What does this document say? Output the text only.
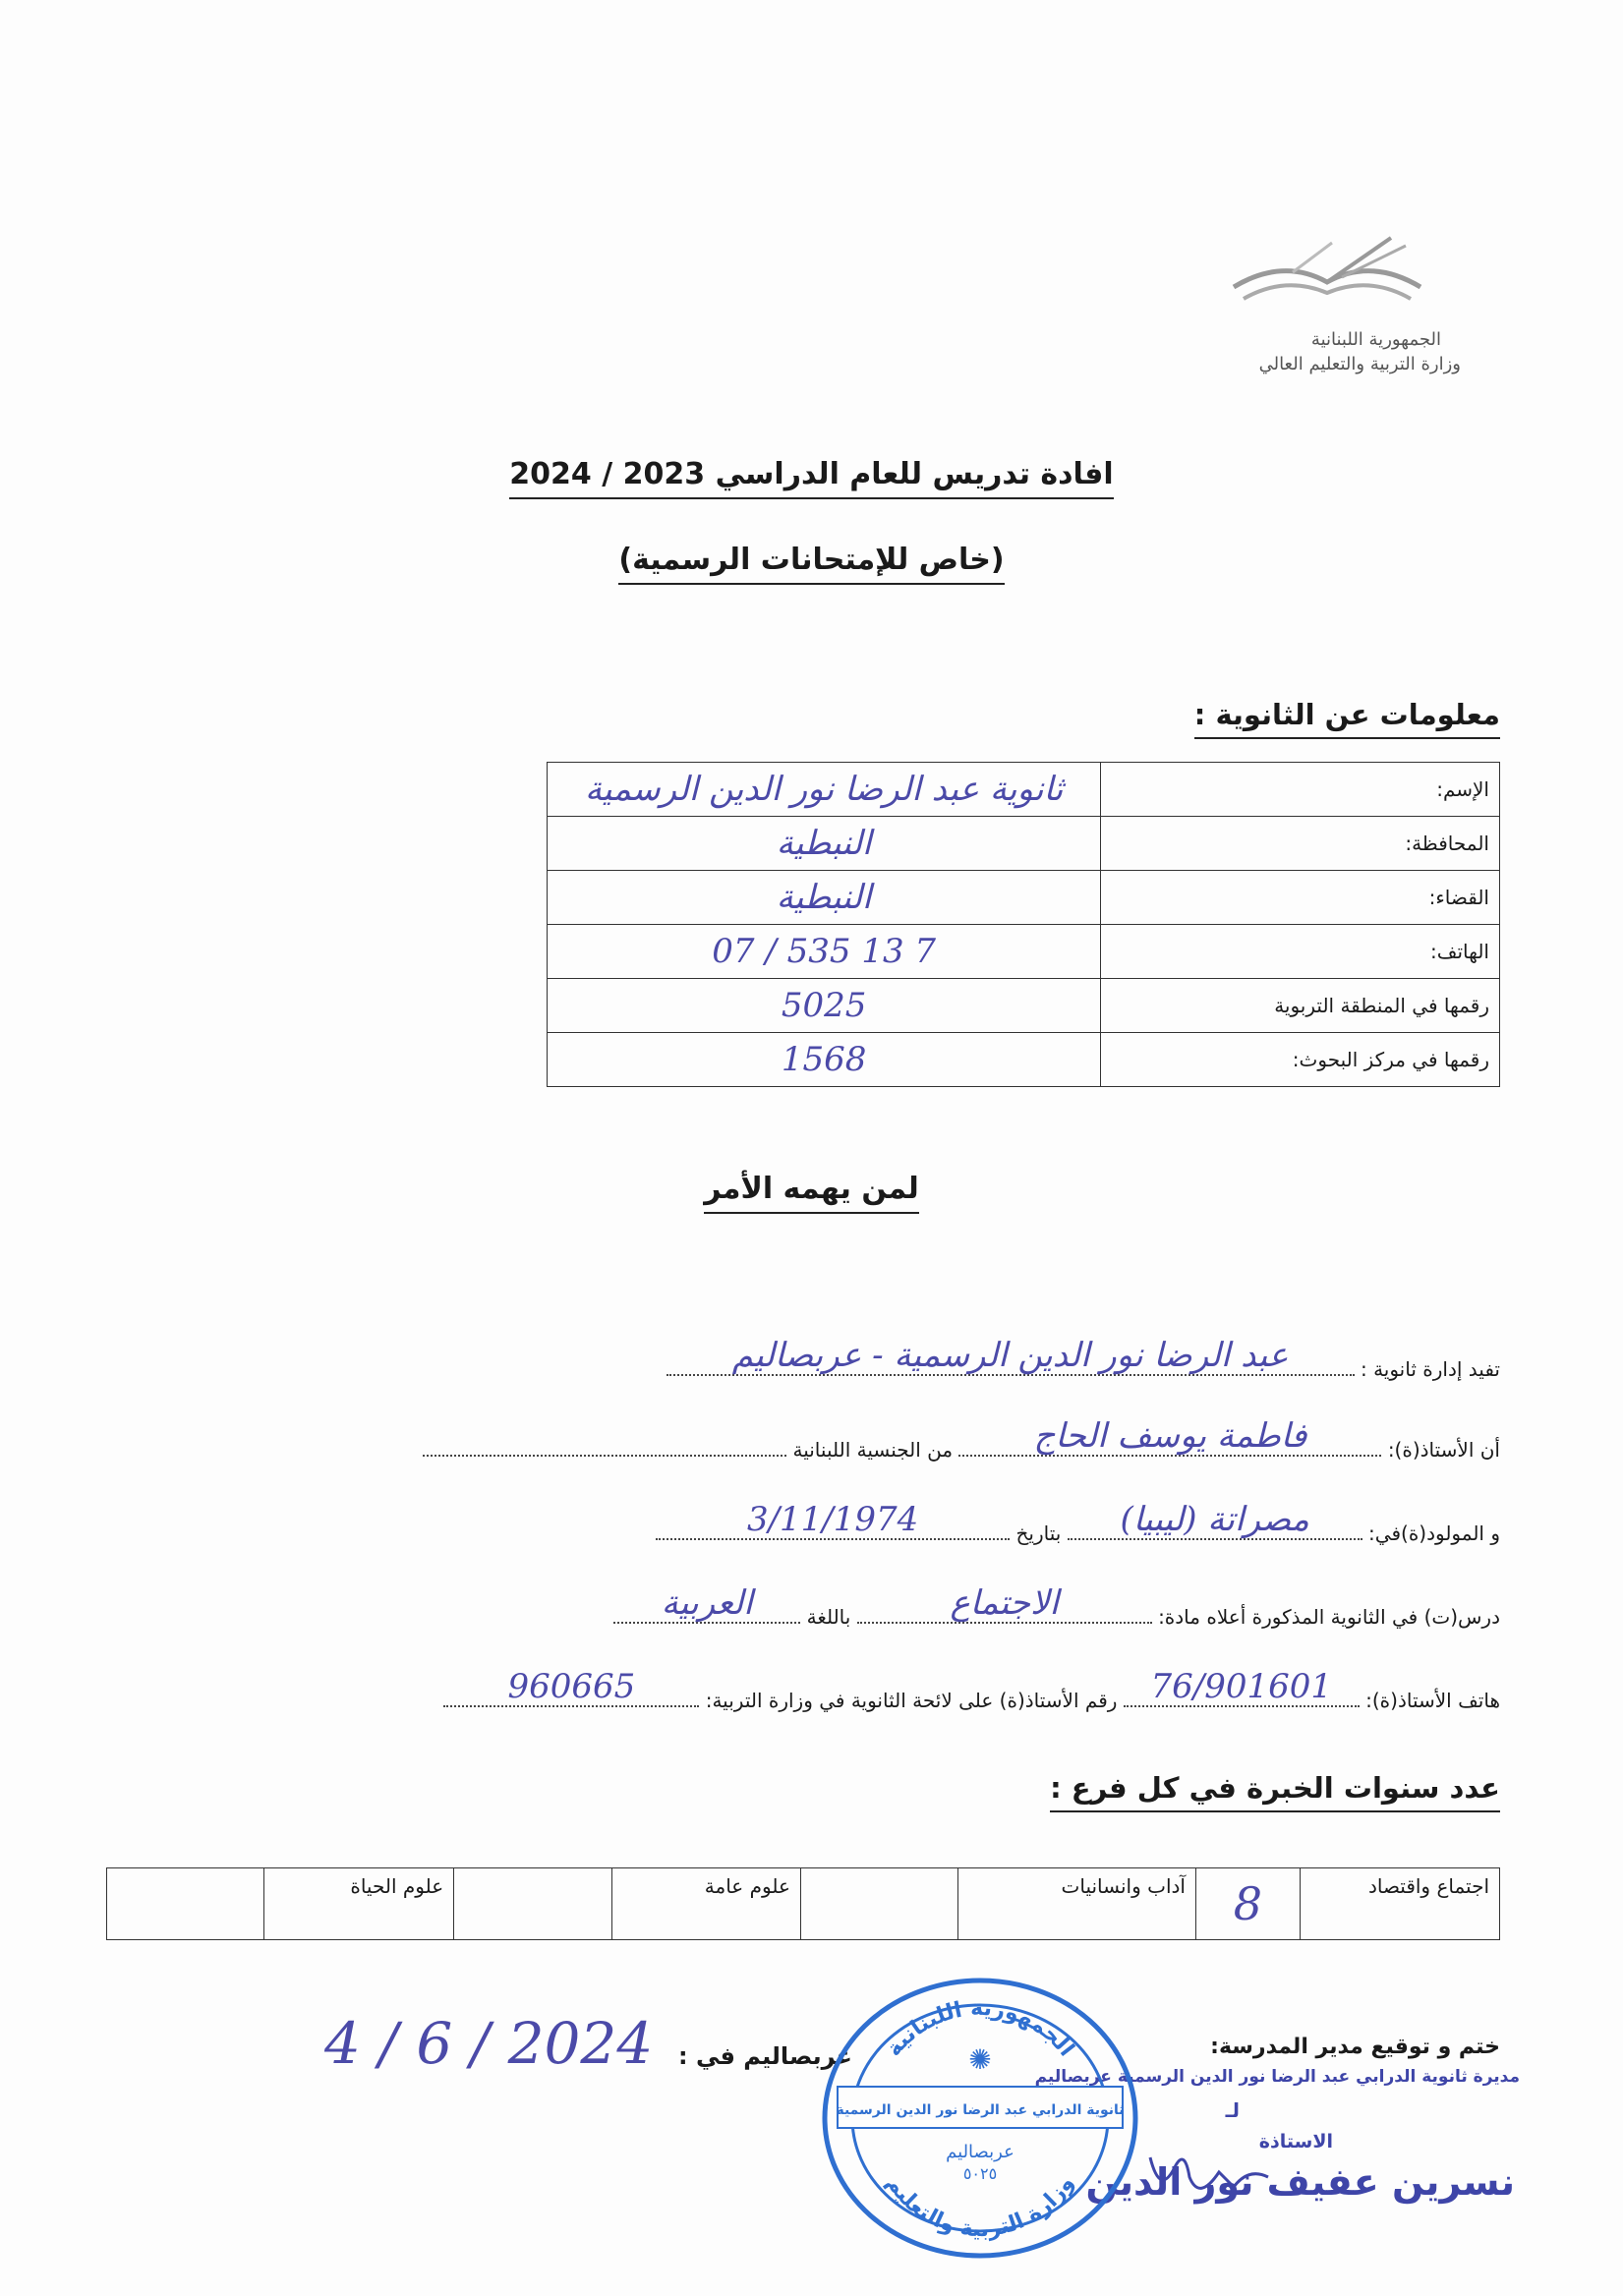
الجمهورية اللبنانية
وزارة التربية والتعليم العالي
افادة تدريس للعام الدراسي 2023 / 2024
(خاص للإمتحانات الرسمية)
معلومات عن الثانوية :
الإسم:	ثانوية عبد الرضا نور الدين الرسمية
المحافظة:	النبطية
القضاء:	النبطية
الهاتف:	07 / 535 13 7
رقمها في المنطقة التربوية	5025
رقمها في مركز البحوث:	1568
لمن يهمه الأمر
تفيد إدارة ثانوية :
عبد الرضا نور الدين الرسمية - عربصاليم
أن الأستاذ(ة):
فاطمة يوسف الحاج
من الجنسية اللبنانية
و المولود(ة)في:
مصراتة (ليبيا)
بتاريخ
3/11/1974
درس(ت) في الثانوية المذكورة أعلاه مادة:
الاجتماع
باللغة
العربية
هاتف الأستاذ(ة):
76/901601
رقم الأستاذ(ة) على لائحة الثانوية في وزارة التربية:
960665
عدد سنوات الخبرة في كل فرع :
اجتماع واقتصاد	8	آداب وانسانيات		علوم عامة		علوم الحياة	
ختم و توقيع مدير المدرسة:
مديرة ثانوية الدرابي عبد الرضا نور الدين الرسمية عربصاليم
لـ
الاستاذة
نسرين عفيف نور الدين
عربصاليم في :
4 / 6 / 2024	الجمهورية اللبنانية
وزارة التربية والتعليم
ثانوية الدرابي عبد الرضا نور الدين الرسمية
✺
عربصاليم
٥٠٢٥
